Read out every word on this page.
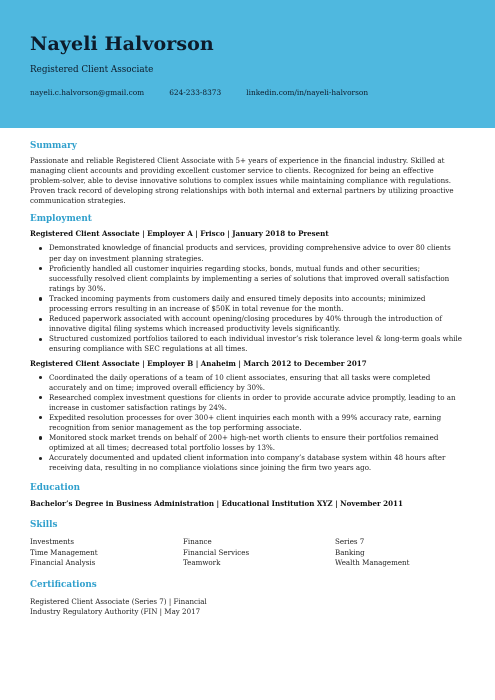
Nayeli Halvorson
Registered Client Associate
nayeli.c.halvorson@gmail.com	624-233-8373	linkedin.com/in/nayeli-halvorson
Summary
Passionate and reliable Registered Client Associate with 5+ years of experience in the financial industry. Skilled at managing client accounts and providing excellent customer service to clients. Recognized for being an effective problem-solver, able to devise innovative solutions to complex issues while maintaining compliance with regulations. Proven track record of developing strong relationships with both internal and external partners by utilizing proactive communication strategies.
Employment
Registered Client Associate | Employer A | Frisco | January 2018 to Present
Demonstrated knowledge of financial products and services, providing comprehensive advice to over 80 clients per day on investment planning strategies.
Proficiently handled all customer inquiries regarding stocks, bonds, mutual funds and other securities; successfully resolved client complaints by implementing a series of solutions that improved overall satisfaction ratings by 30%.
Tracked incoming payments from customers daily and ensured timely deposits into accounts; minimized processing errors resulting in an increase of $50K in total revenue for the month.
Reduced paperwork associated with account opening/closing procedures by 40% through the introduction of innovative digital filing systems which increased productivity levels significantly.
Structured customized portfolios tailored to each individual investor’s risk tolerance level & long-term goals while ensuring compliance with SEC regulations at all times.
Registered Client Associate | Employer B | Anaheim | March 2012 to December 2017
Coordinated the daily operations of a team of 10 client associates, ensuring that all tasks were completed accurately and on time; improved overall efficiency by 30%.
Researched complex investment questions for clients in order to provide accurate advice promptly, leading to an increase in customer satisfaction ratings by 24%.
Expedited resolution processes for over 300+ client inquiries each month with a 99% accuracy rate, earning recognition from senior management as the top performing associate.
Monitored stock market trends on behalf of 200+ high-net worth clients to ensure their portfolios remained optimized at all times; decreased total portfolio losses by 13%.
Accurately documented and updated client information into company’s database system within 48 hours after receiving data, resulting in no compliance violations since joining the firm two years ago.
Education
Bachelor’s Degree in Business Administration | Educational Institution XYZ | November 2011
Skills
Investments	Finance	Series 7
Time Management	Financial Services	Banking
Financial Analysis	Teamwork	Wealth Management
Certifications
Registered Client Associate (Series 7) | Financial
Industry Regulatory Authority (FIN | May 2017
